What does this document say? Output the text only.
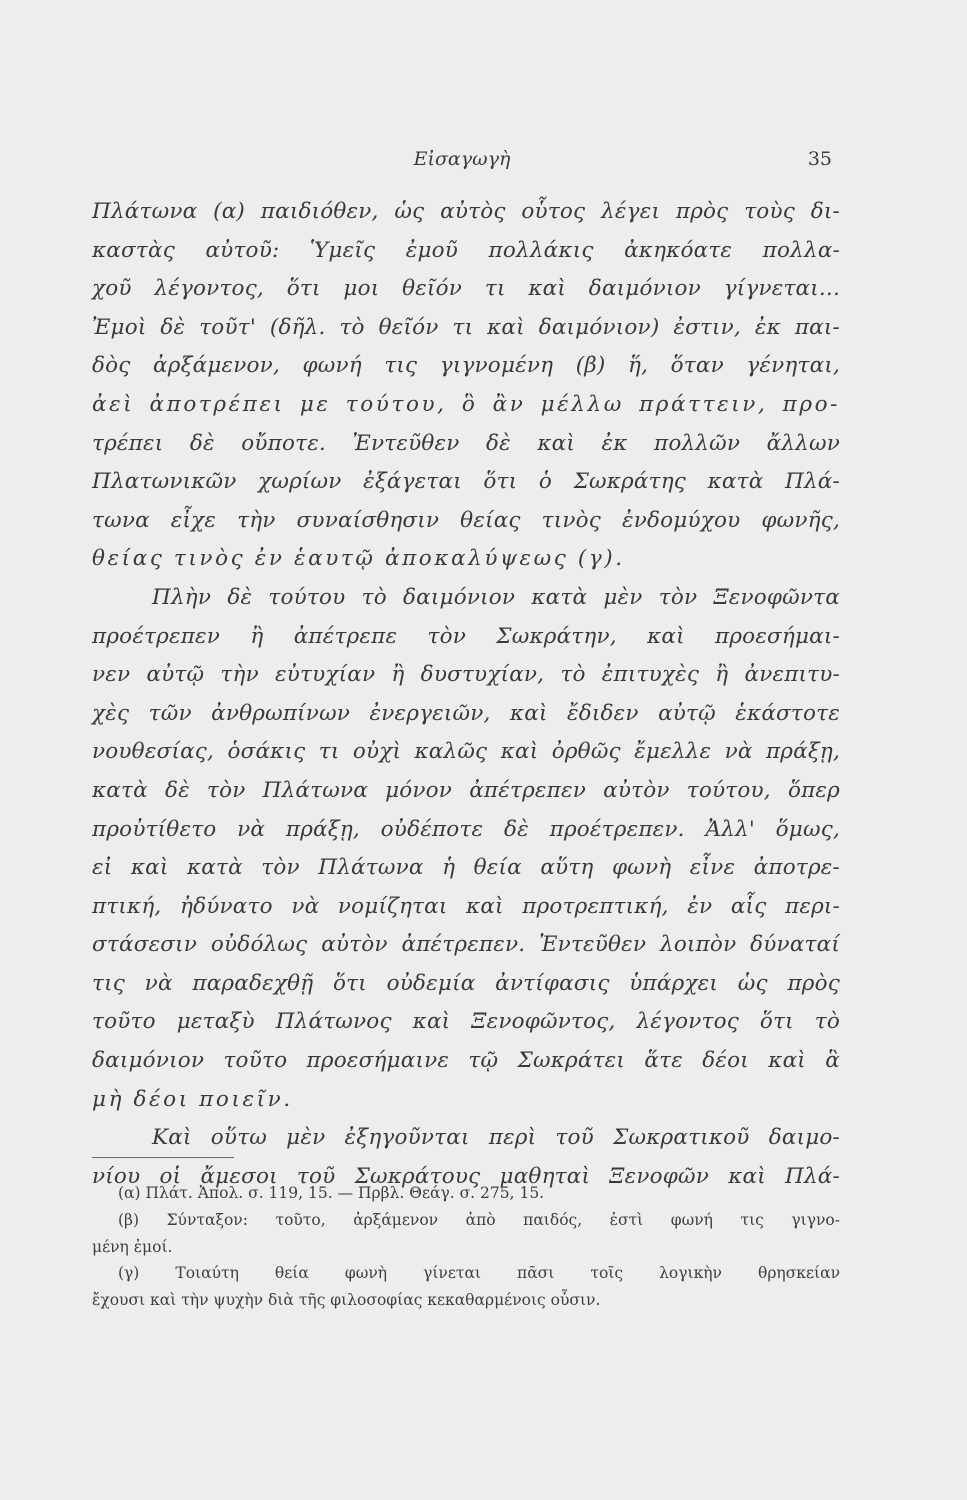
Εἰσαγωγὴ	35
Πλάτωνα (α) παιδιόθεν, ὡς αὐτὸς οὗτος λέγει πρὸς τοὺς δι-
καστὰς αὐτοῦ: Ὑμεῖς ἐμοῦ πολλάκις ἀκηκόατε πολλα-
χοῦ λέγοντος, ὅτι μοι θεῖόν τι καὶ δαιμόνιον γίγνεται...
Ἐμοὶ δὲ τοῦτ' (δῆλ. τὸ θεῖόν τι καὶ δαιμόνιον) ἐστιν, ἐκ παι-
δὸς ἀρξάμενον, φωνή τις γιγνομένη (β) ἥ, ὅταν γένηται,
ἀεὶ ἀποτρέπει με τούτου, ὃ ἂν μέλλω πράττειν, προ-
τρέπει δὲ οὔποτε. Ἐντεῦθεν δὲ καὶ ἐκ πολλῶν ἄλλων
Πλατωνικῶν χωρίων ἐξάγεται ὅτι ὁ Σωκράτης κατὰ Πλά-
τωνα εἶχε τὴν συναίσθησιν θείας τινὸς ἐνδομύχου φωνῆς,
θείας τινὸς ἐν ἑαυτῷ ἀποκαλύψεως (γ).
Πλὴν δὲ τούτου τὸ δαιμόνιον κατὰ μὲν τὸν Ξενοφῶντα
προέτρεπεν ἢ ἀπέτρεπε τὸν Σωκράτην, καὶ προεσήμαι-
νεν αὐτῷ τὴν εὐτυχίαν ἢ δυστυχίαν, τὸ ἐπιτυχὲς ἢ ἀνεπιτυ-
χὲς τῶν ἀνθρωπίνων ἐνεργειῶν, καὶ ἔδιδεν αὐτῷ ἑκάστοτε
νουθεσίας, ὁσάκις τι οὐχὶ καλῶς καὶ ὀρθῶς ἔμελλε νὰ πράξῃ,
κατὰ δὲ τὸν Πλάτωνα μόνον ἀπέτρεπεν αὐτὸν τούτου, ὅπερ
προὐτίθετο νὰ πράξῃ, οὐδέποτε δὲ προέτρεπεν. Ἀλλ' ὅμως,
εἰ καὶ κατὰ τὸν Πλάτωνα ἡ θεία αὕτη φωνὴ εἶνε ἀποτρε-
πτική, ἠδύνατο νὰ νομίζηται καὶ προτρεπτική, ἐν αἷς περι-
στάσεσιν οὐδόλως αὐτὸν ἀπέτρεπεν. Ἐντεῦθεν λοιπὸν δύναταί
τις νὰ παραδεχθῇ ὅτι οὐδεμία ἀντίφασις ὑπάρχει ὡς πρὸς
τοῦτο μεταξὺ Πλάτωνος καὶ Ξενοφῶντος, λέγοντος ὅτι τὸ
δαιμόνιον τοῦτο προεσήμαινε τῷ Σωκράτει ἅτε δέοι καὶ ἃ
μὴ δέοι ποιεῖν.
Καὶ οὕτω μὲν ἐξηγοῦνται περὶ τοῦ Σωκρατικοῦ δαιμο-
νίου οἱ ἄμεσοι τοῦ Σωκράτους μαθηταὶ Ξενοφῶν καὶ Πλά-
(α) Πλάτ. Ἀπολ. σ. 119, 15. — Πρβλ. Θεάγ. σ. 275, 15.
(β) Σύνταξον: τοῦτο, ἀρξάμενον ἀπὸ παιδός, ἐστὶ φωνή τις γιγνο-
μένη ἐμοί.
(γ) Τοιαύτη θεία φωνὴ γίνεται πᾶσι τοῖς λογικὴν θρησκείαν
ἔχουσι καὶ τὴν ψυχὴν διὰ τῆς φιλοσοφίας κεκαθαρμένοις οὖσιν.
